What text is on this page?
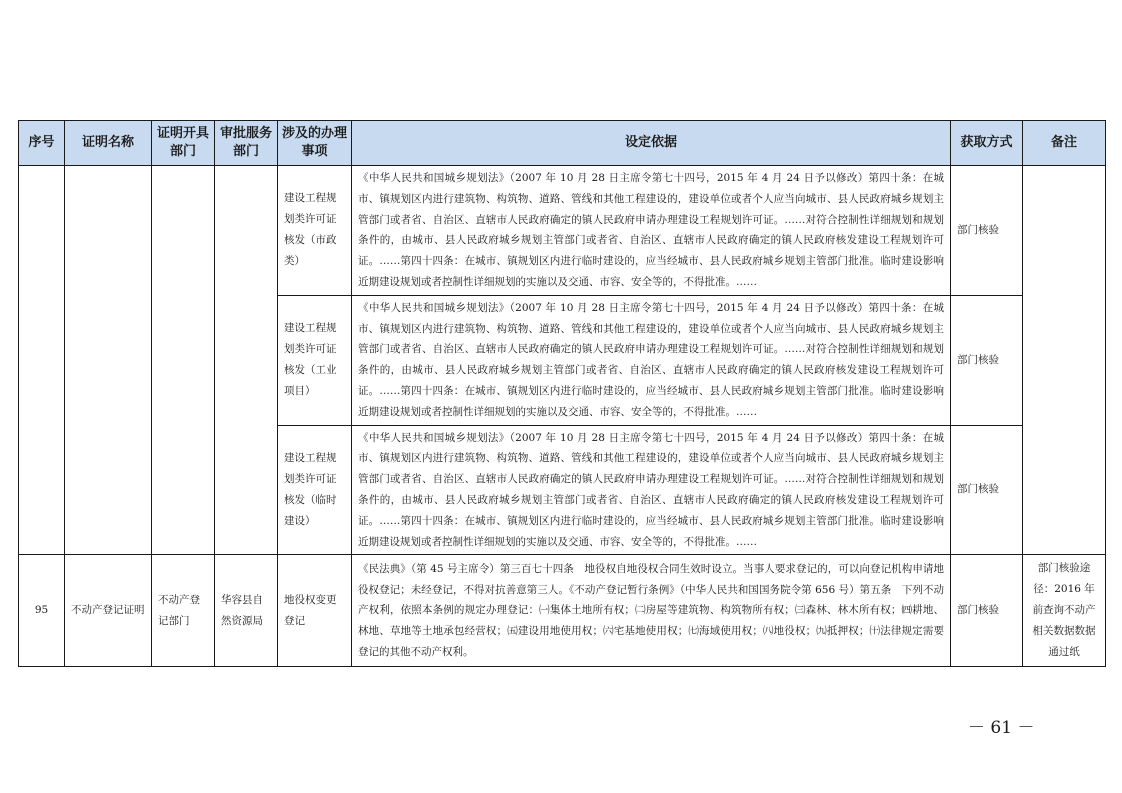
序号	证明名称	证明开具部门	审批服务部门	涉及的办理事项	设定依据	获取方式	备注
				建设工程规划类许可证核发（市政类）	《中华人民共和国城乡规划法》（2007 年 10 月 28 日主席令第七十四号，2015 年 4 月 24 日予以修改）第四十条：在城市、镇规划区内进行建筑物、构筑物、道路、管线和其他工程建设的，建设单位或者个人应当向城市、县人民政府城乡规划主管部门或者省、自治区、直辖市人民政府确定的镇人民政府申请办理建设工程规划许可证。……对符合控制性详细规划和规划条件的，由城市、县人民政府城乡规划主管部门或者省、自治区、直辖市人民政府确定的镇人民政府核发建设工程规划许可证。……第四十四条：在城市、镇规划区内进行临时建设的，应当经城市、县人民政府城乡规划主管部门批准。临时建设影响近期建设规划或者控制性详细规划的实施以及交通、市容、安全等的，不得批准。……	部门核验	
				建设工程规划类许可证核发（工业项目）	《中华人民共和国城乡规划法》（2007 年 10 月 28 日主席令第七十四号，2015 年 4 月 24 日予以修改）第四十条：在城市、镇规划区内进行建筑物、构筑物、道路、管线和其他工程建设的，建设单位或者个人应当向城市、县人民政府城乡规划主管部门或者省、自治区、直辖市人民政府确定的镇人民政府申请办理建设工程规划许可证。……对符合控制性详细规划和规划条件的，由城市、县人民政府城乡规划主管部门或者省、自治区、直辖市人民政府确定的镇人民政府核发建设工程规划许可证。……第四十四条：在城市、镇规划区内进行临时建设的，应当经城市、县人民政府城乡规划主管部门批准。临时建设影响近期建设规划或者控制性详细规划的实施以及交通、市容、安全等的，不得批准。……	部门核验	
				建设工程规划类许可证核发（临时建设）	《中华人民共和国城乡规划法》（2007 年 10 月 28 日主席令第七十四号，2015 年 4 月 24 日予以修改）第四十条：在城市、镇规划区内进行建筑物、构筑物、道路、管线和其他工程建设的，建设单位或者个人应当向城市、县人民政府城乡规划主管部门或者省、自治区、直辖市人民政府确定的镇人民政府申请办理建设工程规划许可证。……对符合控制性详细规划和规划条件的，由城市、县人民政府城乡规划主管部门或者省、自治区、直辖市人民政府确定的镇人民政府核发建设工程规划许可证。……第四十四条：在城市、镇规划区内进行临时建设的，应当经城市、县人民政府城乡规划主管部门批准。临时建设影响近期建设规划或者控制性详细规划的实施以及交通、市容、安全等的，不得批准。……	部门核验	
95	不动产登记证明	不动产登记部门	华容县自然资源局	地役权变更登记	《民法典》（第 45 号主席令）第三百七十四条　地役权自地役权合同生效时设立。当事人要求登记的，可以向登记机构申请地役权登记；未经登记，不得对抗善意第三人。《不动产登记暂行条例》（中华人民共和国国务院令第 656 号）第五条　下列不动产权利，依照本条例的规定办理登记：㈠集体土地所有权；㈡房屋等建筑物、构筑物所有权；㈢森林、林木所有权；㈣耕地、林地、草地等土地承包经营权；㈤建设用地使用权；㈥宅基地使用权；㈦海域使用权；㈧地役权；㈨抵押权；㈩法律规定需要登记的其他不动产权利。	部门核验	部门核验途径：2016 年前查询不动产相关数据数据通过纸
－ 61 －
